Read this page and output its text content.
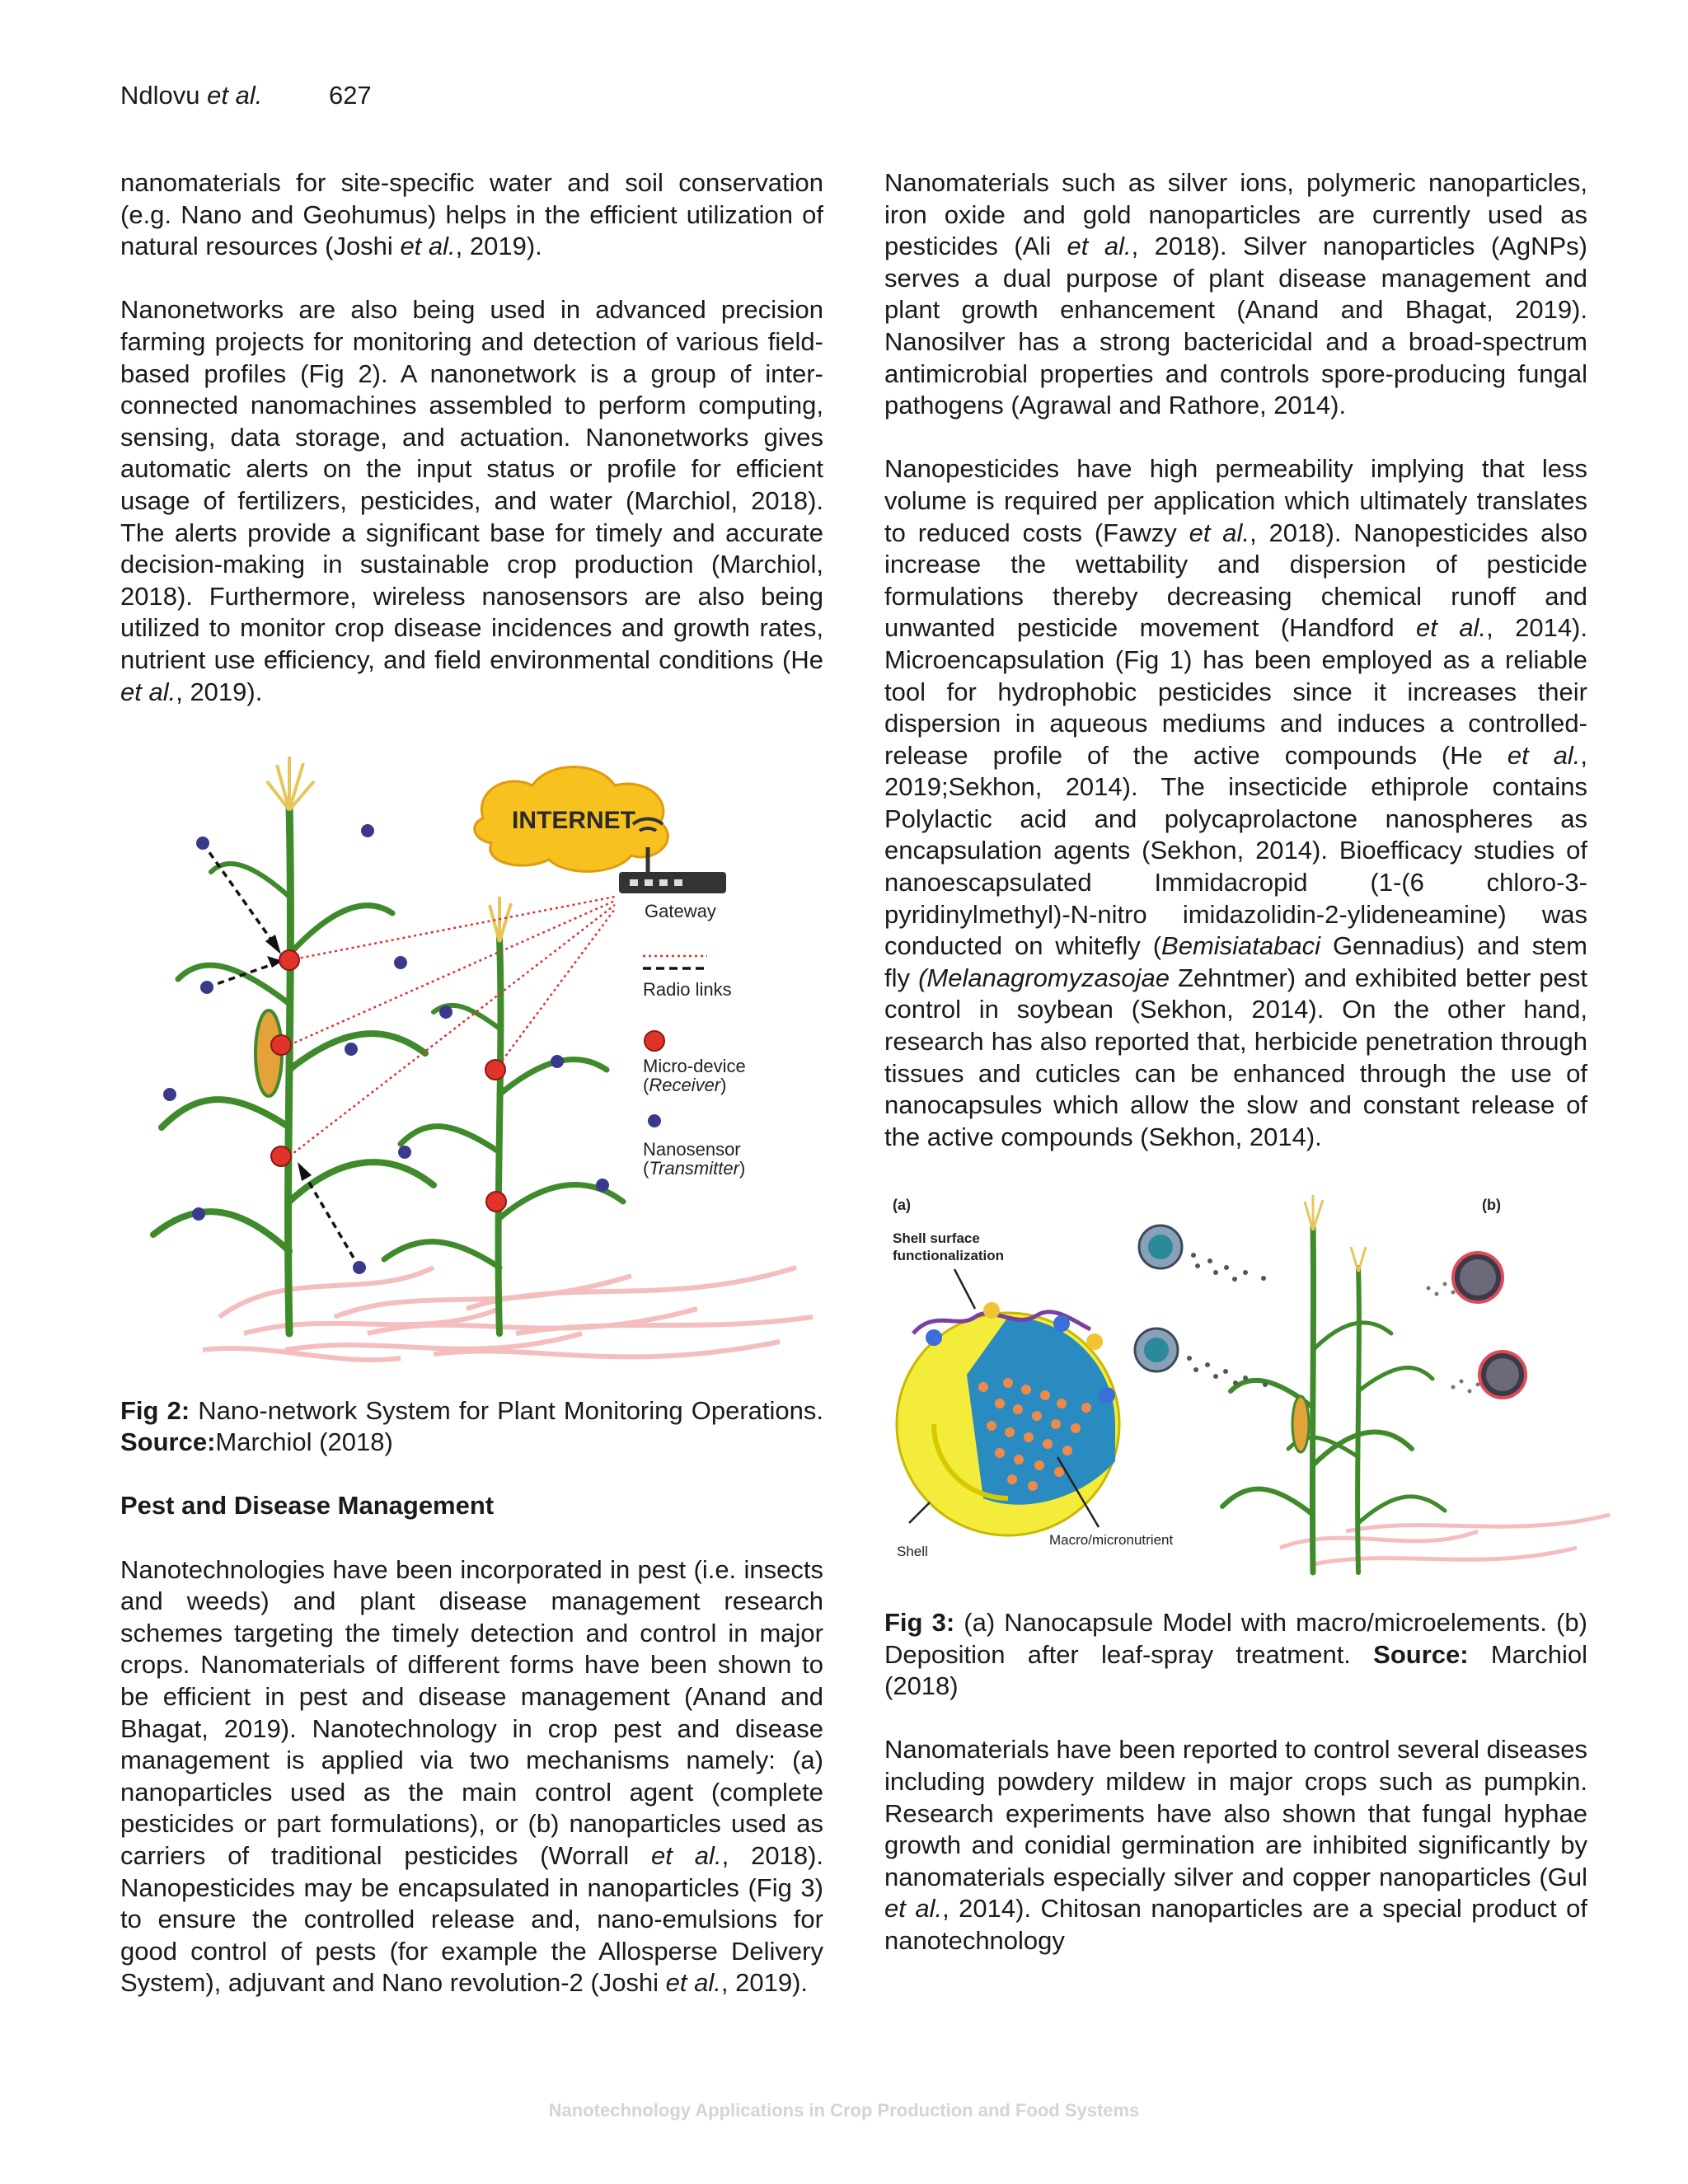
Ndlovu et al.	627

nanomaterials for site-specific water and soil conservation (e.g. Nano and Geohumus) helps in the efficient utilization of natural resources (Joshi et al., 2019).

Nanonetworks are also being used in advanced precision farming projects for monitoring and detection of various field-based profiles (Fig 2). A nanonetwork is a group of inter-connected nanomachines assembled to perform computing, sensing, data storage, and actuation. Nanonetworks gives automatic alerts on the input status or profile for efficient usage of fertilizers, pesticides, and water (Marchiol, 2018). The alerts provide a significant base for timely and accurate decision-making in sustainable crop production (Marchiol, 2018). Furthermore, wireless nanosensors are also being utilized to monitor crop disease incidences and growth rates, nutrient use efficiency, and field environmental conditions (He et al., 2019).

INTERNET
Gateway
Radio links
Micro-device
(Receiver)
Nanosensor
(Transmitter)

Fig 2: Nano-network System for Plant Monitoring Operations. Source:Marchiol (2018)

Pest and Disease Management

Nanotechnologies have been incorporated in pest (i.e. insects and weeds) and plant disease management research schemes targeting the timely detection and control in major crops. Nanomaterials of different forms have been shown to be efficient in pest and disease management (Anand and Bhagat, 2019). Nanotechnology in crop pest and disease management is applied via two mechanisms namely: (a) nanoparticles used as the main control agent (complete pesticides or part formulations), or (b) nanoparticles used as carriers of traditional pesticides (Worrall et al., 2018). Nanopesticides may be encapsulated in nanoparticles (Fig 3) to ensure the controlled release and, nano-emulsions for good control of pests (for example the Allosperse Delivery System), adjuvant and Nano revolution-2 (Joshi et al., 2019).

Nanomaterials such as silver ions, polymeric nanoparticles, iron oxide and gold nanoparticles are currently used as pesticides (Ali et al., 2018). Silver nanoparticles (AgNPs) serves a dual purpose of plant disease management and plant growth enhancement (Anand and Bhagat, 2019). Nanosilver has a strong bactericidal and a broad-spectrum antimicrobial properties and controls spore-producing fungal pathogens (Agrawal and Rathore, 2014).

Nanopesticides have high permeability implying that less volume is required per application which ultimately translates to reduced costs (Fawzy et al., 2018). Nanopesticides also increase the wettability and dispersion of pesticide formulations thereby decreasing chemical runoff and unwanted pesticide movement (Handford et al., 2014). Microencapsulation (Fig 1) has been employed as a reliable tool for hydrophobic pesticides since it increases their dispersion in aqueous mediums and induces a controlled-release profile of the active compounds (He et al., 2019;Sekhon, 2014). The insecticide ethiprole contains Polylactic acid and polycaprolactone nanospheres as encapsulation agents (Sekhon, 2014). Bioefficacy studies of nanoescapsulated Immidacropid (1-(6 chloro-3-pyridinylmethyl)-N-nitro imidazolidin-2-ylideneamine) was conducted on whitefly (Bemisiatabaci Gennadius) and stem fly (Melanagromyzasojae Zehntmer) and exhibited better pest control in soybean (Sekhon, 2014). On the other hand, research has also reported that, herbicide penetration through tissues and cuticles can be enhanced through the use of nanocapsules which allow the slow and constant release of the active compounds (Sekhon, 2014).

(a)
Shell surface
functionalization
Macro/micronutrient
Shell
(b)

Fig 3: (a) Nanocapsule Model with macro/microelements. (b) Deposition after leaf-spray treatment. Source: Marchiol (2018)

Nanomaterials have been reported to control several diseases including powdery mildew in major crops such as pumpkin. Research experiments have also shown that fungal hyphae growth and conidial germination are inhibited significantly by nanomaterials especially silver and copper nanoparticles (Gul et al., 2014). Chitosan nanoparticles are a special product of nanotechnology

Nanotechnology Applications in Crop Production and Food Systems
